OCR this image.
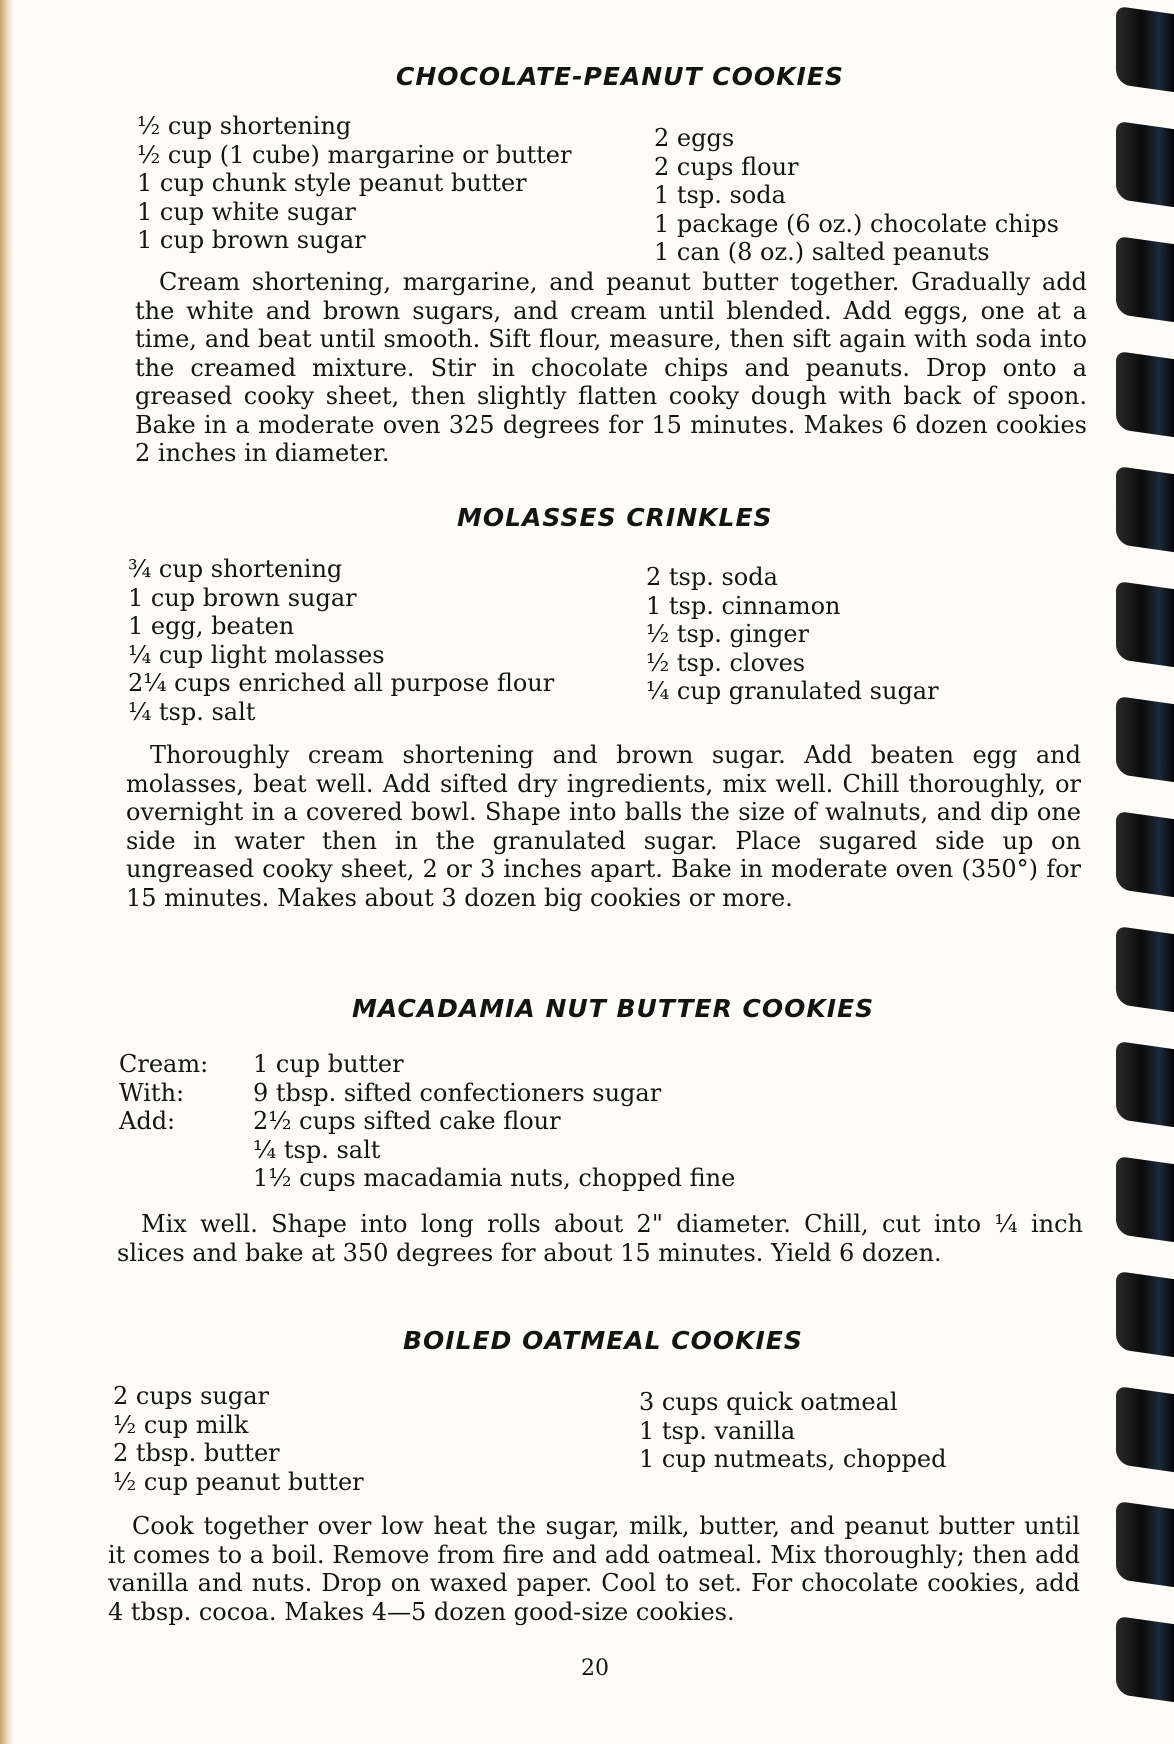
CHOCOLATE-PEANUT COOKIES
½ cup shortening
½ cup (1 cube) margarine or butter
1 cup chunk style peanut butter
1 cup white sugar
1 cup brown sugar
2 eggs
2 cups flour
1 tsp. soda
1 package (6 oz.) chocolate chips
1 can (8 oz.) salted peanuts

Cream shortening, margarine, and peanut butter together. Gradually add the white and brown sugars, and cream until blended. Add eggs, one at a time, and beat until smooth. Sift flour, measure, then sift again with soda into the creamed mixture. Stir in chocolate chips and peanuts. Drop onto a greased cooky sheet, then slightly flatten cooky dough with back of spoon. Bake in a moderate oven 325 degrees for 15 minutes. Makes 6 dozen cookies 2 inches in diameter.

MOLASSES CRINKLES
¾ cup shortening
1 cup brown sugar
1 egg, beaten
¼ cup light molasses
2¼ cups enriched all purpose flour
¼ tsp. salt
2 tsp. soda
1 tsp. cinnamon
½ tsp. ginger
½ tsp. cloves
¼ cup granulated sugar

Thoroughly cream shortening and brown sugar. Add beaten egg and molasses, beat well. Add sifted dry ingredients, mix well. Chill thoroughly, or overnight in a covered bowl. Shape into balls the size of walnuts, and dip one side in water then in the granulated sugar. Place sugared side up on ungreased cooky sheet, 2 or 3 inches apart. Bake in moderate oven (350°) for 15 minutes. Makes about 3 dozen big cookies or more.

MACADAMIA NUT BUTTER COOKIES
Cream:	1 cup butter
With:	9 tbsp. sifted confectioners sugar
Add:	2½ cups sifted cake flour
¼ tsp. salt
1½ cups macadamia nuts, chopped fine

Mix well. Shape into long rolls about 2" diameter. Chill, cut into ¼ inch slices and bake at 350 degrees for about 15 minutes. Yield 6 dozen.

BOILED OATMEAL COOKIES
2 cups sugar
½ cup milk
2 tbsp. butter
½ cup peanut butter
3 cups quick oatmeal
1 tsp. vanilla
1 cup nutmeats, chopped

Cook together over low heat the sugar, milk, butter, and peanut butter until it comes to a boil. Remove from fire and add oatmeal. Mix thoroughly; then add vanilla and nuts. Drop on waxed paper. Cool to set. For chocolate cookies, add 4 tbsp. cocoa. Makes 4—5 dozen good-size cookies.

20
